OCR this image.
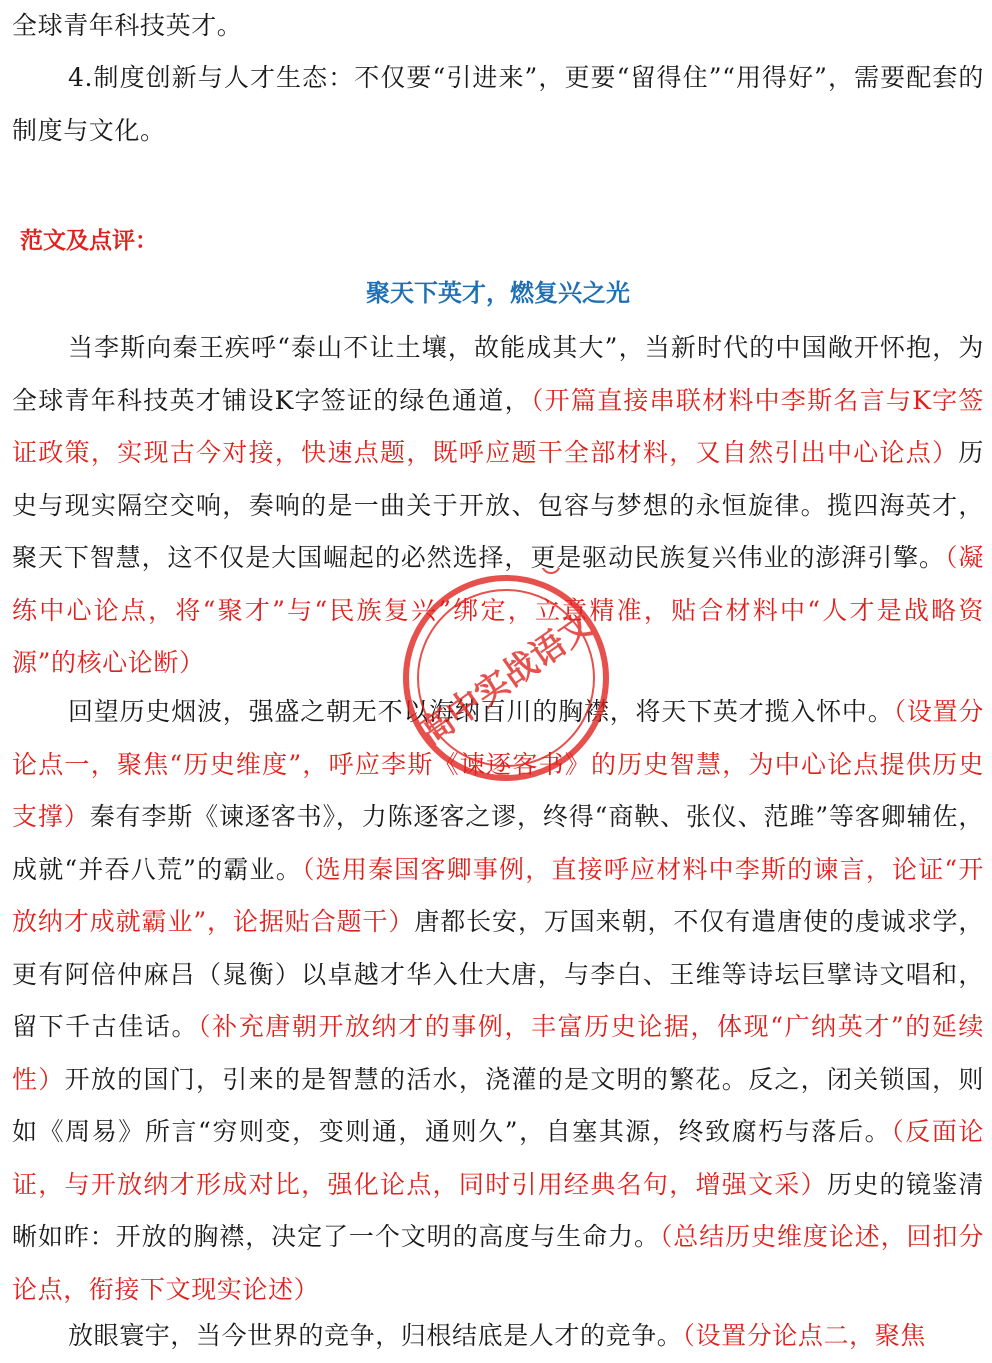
全球青年科技英才。

4.制度创新与人才生态：不仅要“引进来”，更要“留得住”“用得好”，需要配套的制度与文化。

范文及点评：
聚天下英才，燃复兴之光

当李斯向秦王疾呼“泰山不让土壤，故能成其大”，当新时代的中国敞开怀抱，为全球青年科技英才铺设K字签证的绿色通道，（开篇直接串联材料中李斯名言与K字签证政策，实现古今对接，快速点题，既呼应题干全部材料，又自然引出中心论点）历史与现实隔空交响，奏响的是一曲关于开放、包容与梦想的永恒旋律。揽四海英才，聚天下智慧，这不仅是大国崛起的必然选择，更是驱动民族复兴伟业的澎湃引擎。（凝练中心论点，将“聚才”与“民族复兴”绑定，立意精准，贴合材料中“人才是战略资源”的核心论断）

回望历史烟波，强盛之朝无不以海纳百川的胸襟，将天下英才揽入怀中。（设置分论点一，聚焦“历史维度”，呼应李斯《谏逐客书》的历史智慧，为中心论点提供历史支撑）秦有李斯《谏逐客书》，力陈逐客之谬，终得“商鞅、张仪、范雎”等客卿辅佐，成就“并吞八荒”的霸业。（选用秦国客卿事例，直接呼应材料中李斯的谏言，论证“开放纳才成就霸业”，论据贴合题干）唐都长安，万国来朝，不仅有遣唐使的虔诚求学，更有阿倍仲麻吕（晁衡）以卓越才华入仕大唐，与李白、王维等诗坛巨擘诗文唱和，留下千古佳话。（补充唐朝开放纳才的事例，丰富历史论据，体现“广纳英才”的延续性）开放的国门，引来的是智慧的活水，浇灌的是文明的繁花。反之，闭关锁国，则如《周易》所言“穷则变，变则通，通则久”，自塞其源，终致腐朽与落后。（反面论证，与开放纳才形成对比，强化论点，同时引用经典名句，增强文采）历史的镜鉴清晰如昨：开放的胸襟，决定了一个文明的高度与生命力。（总结历史维度论述，回扣分论点，衔接下文现实论述）

放眼寰宇，当今世界的竞争，归根结底是人才的竞争。（设置分论点二，聚焦

高中实战语文
